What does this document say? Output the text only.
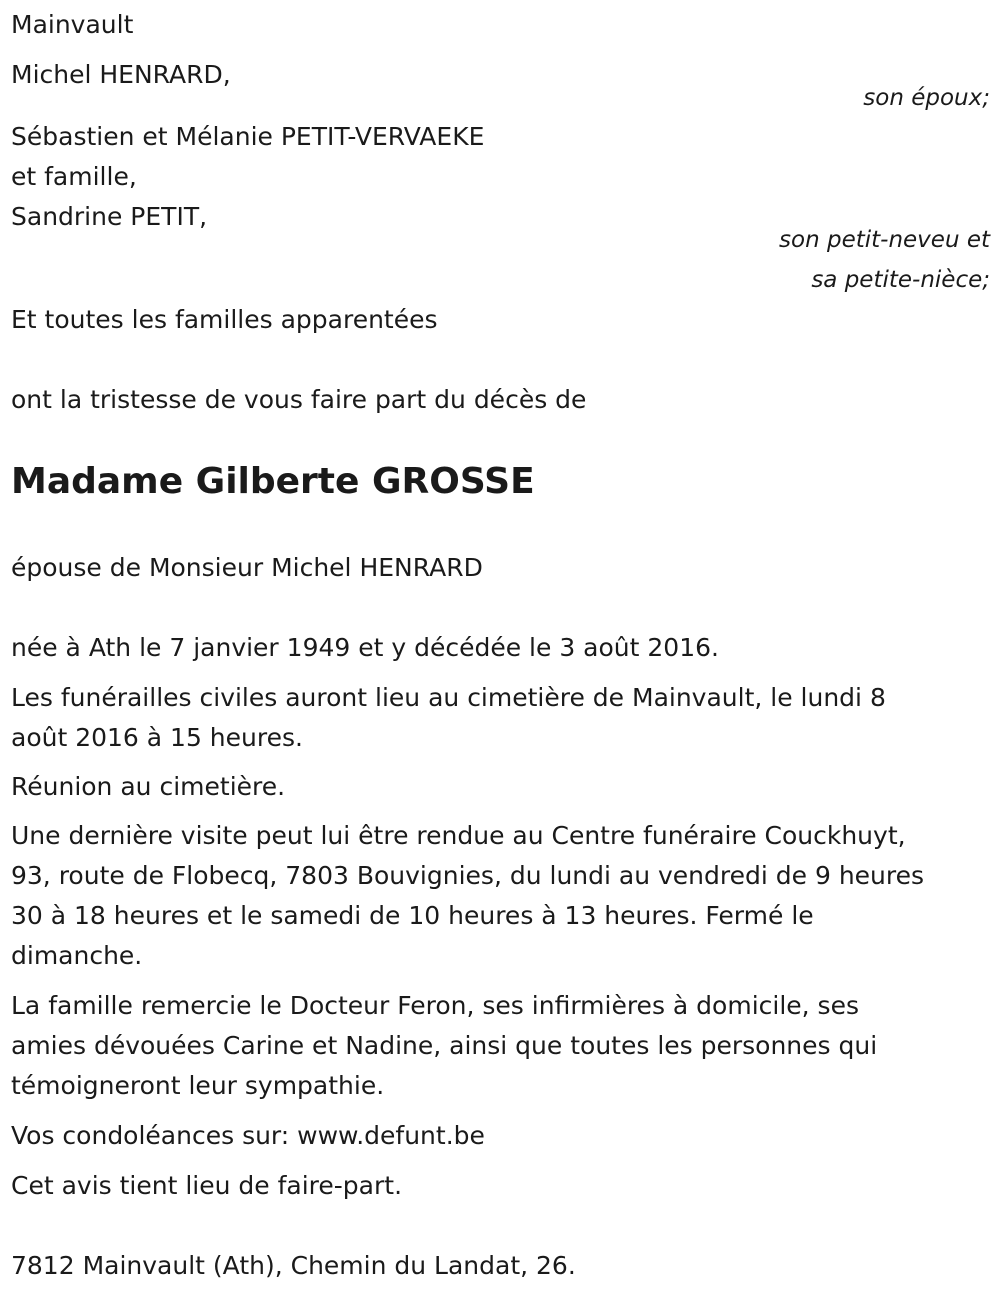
Mainvault
Michel HENRARD,
son époux;
Sébastien et Mélanie PETIT-VERVAEKE
et famille,
Sandrine PETIT,
son petit-neveu et
sa petite-nièce;
Et toutes les familles apparentées
ont la tristesse de vous faire part du décès de
Madame Gilberte GROSSE
épouse de Monsieur Michel HENRARD
née à Ath le 7 janvier 1949 et y décédée le 3 août 2016.
Les funérailles civiles auront lieu au cimetière de Mainvault, le lundi 8
août 2016 à 15 heures.
Réunion au cimetière.
Une dernière visite peut lui être rendue au Centre funéraire Couckhuyt,
93, route de Flobecq, 7803 Bouvignies, du lundi au vendredi de 9 heures
30 à 18 heures et le samedi de 10 heures à 13 heures. Fermé le
dimanche.
La famille remercie le Docteur Feron, ses infirmières à domicile, ses
amies dévouées Carine et Nadine, ainsi que toutes les personnes qui
témoigneront leur sympathie.
Vos condoléances sur: www.defunt.be
Cet avis tient lieu de faire-part.
7812 Mainvault (Ath), Chemin du Landat, 26.
